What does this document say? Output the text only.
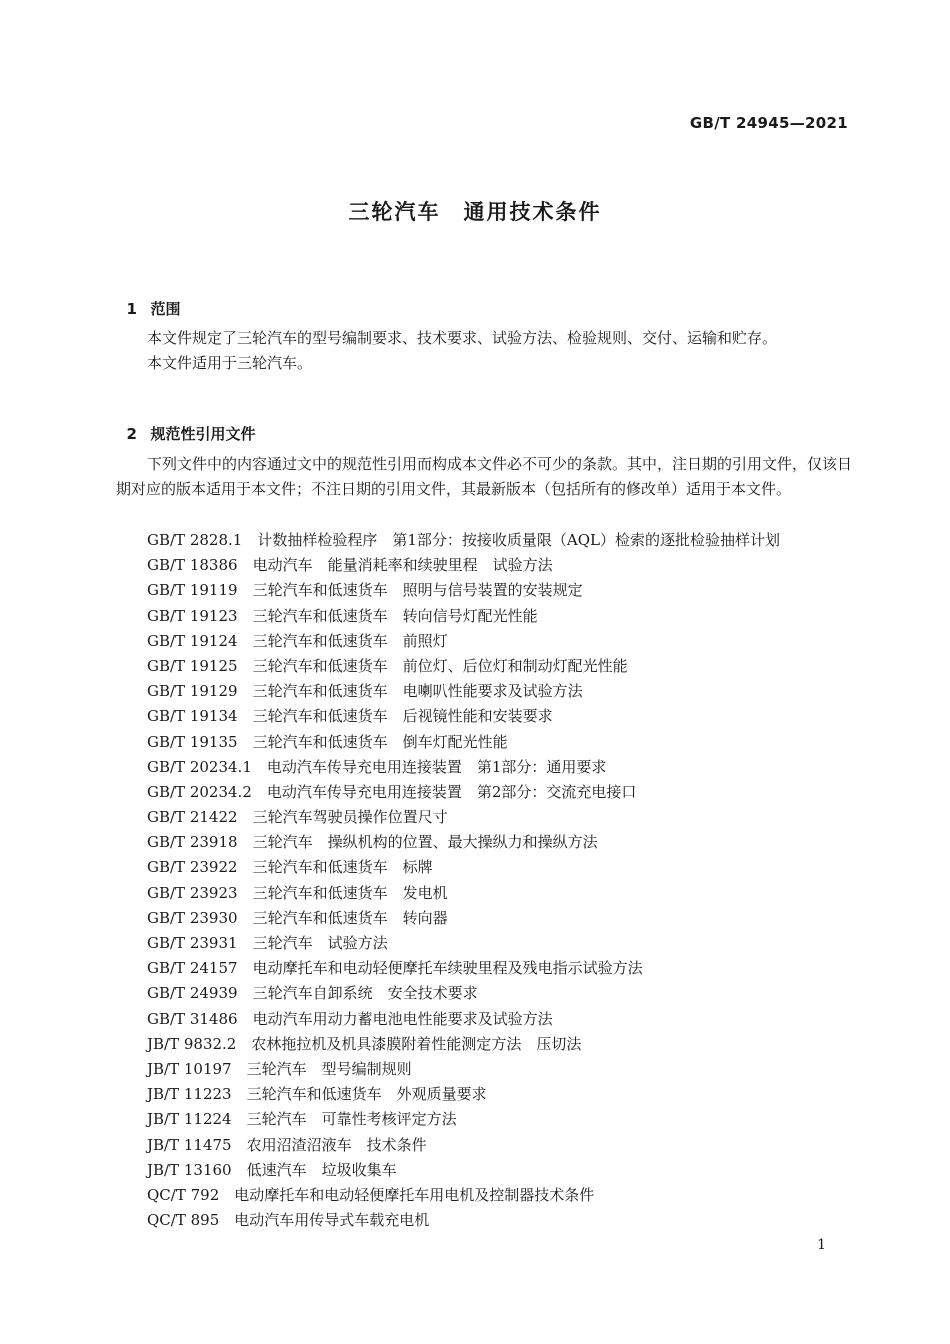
GB/T 24945—2021
三轮汽车　通用技术条件

1 范围

本文件规定了三轮汽车的型号编制要求、技术要求、试验方法、检验规则、交付、运输和贮存。

本文件适用于三轮汽车。

2 规范性引用文件

下列文件中的内容通过文中的规范性引用而构成本文件必不可少的条款。其中，注日期的引用文件，仅该日期对应的版本适用于本文件；不注日期的引用文件，其最新版本（包括所有的修改单）适用于本文件。

GB/T 2828.1　 计数抽样检验程序　第1部分：按接收质量限（AQL）检索的逐批检验抽样计划
GB/T 18386　 电动汽车　能量消耗率和续驶里程　试验方法
GB/T 19119　 三轮汽车和低速货车　照明与信号装置的安装规定
GB/T 19123　 三轮汽车和低速货车　转向信号灯配光性能
GB/T 19124　 三轮汽车和低速货车　前照灯
GB/T 19125　 三轮汽车和低速货车　前位灯、后位灯和制动灯配光性能
GB/T 19129　 三轮汽车和低速货车　电喇叭性能要求及试验方法
GB/T 19134　 三轮汽车和低速货车　后视镜性能和安装要求
GB/T 19135　 三轮汽车和低速货车　倒车灯配光性能
GB/T 20234.1　 电动汽车传导充电用连接装置　第1部分：通用要求
GB/T 20234.2　 电动汽车传导充电用连接装置　第2部分：交流充电接口
GB/T 21422　 三轮汽车驾驶员操作位置尺寸
GB/T 23918　 三轮汽车　操纵机构的位置、最大操纵力和操纵方法
GB/T 23922　 三轮汽车和低速货车　标牌
GB/T 23923　 三轮汽车和低速货车　发电机
GB/T 23930　 三轮汽车和低速货车　转向器
GB/T 23931　 三轮汽车　试验方法
GB/T 24157　 电动摩托车和电动轻便摩托车续驶里程及残电指示试验方法
GB/T 24939　 三轮汽车自卸系统　安全技术要求
GB/T 31486　 电动汽车用动力蓄电池电性能要求及试验方法
JB/T 9832.2　 农林拖拉机及机具漆膜附着性能测定方法　压切法
JB/T 10197　 三轮汽车　型号编制规则
JB/T 11223　 三轮汽车和低速货车　外观质量要求
JB/T 11224　 三轮汽车　可靠性考核评定方法
JB/T 11475　 农用沼渣沼液车　技术条件
JB/T 13160　 低速汽车　垃圾收集车
QC/T 792　 电动摩托车和电动轻便摩托车用电机及控制器技术条件
QC/T 895　 电动汽车用传导式车载充电机
1
